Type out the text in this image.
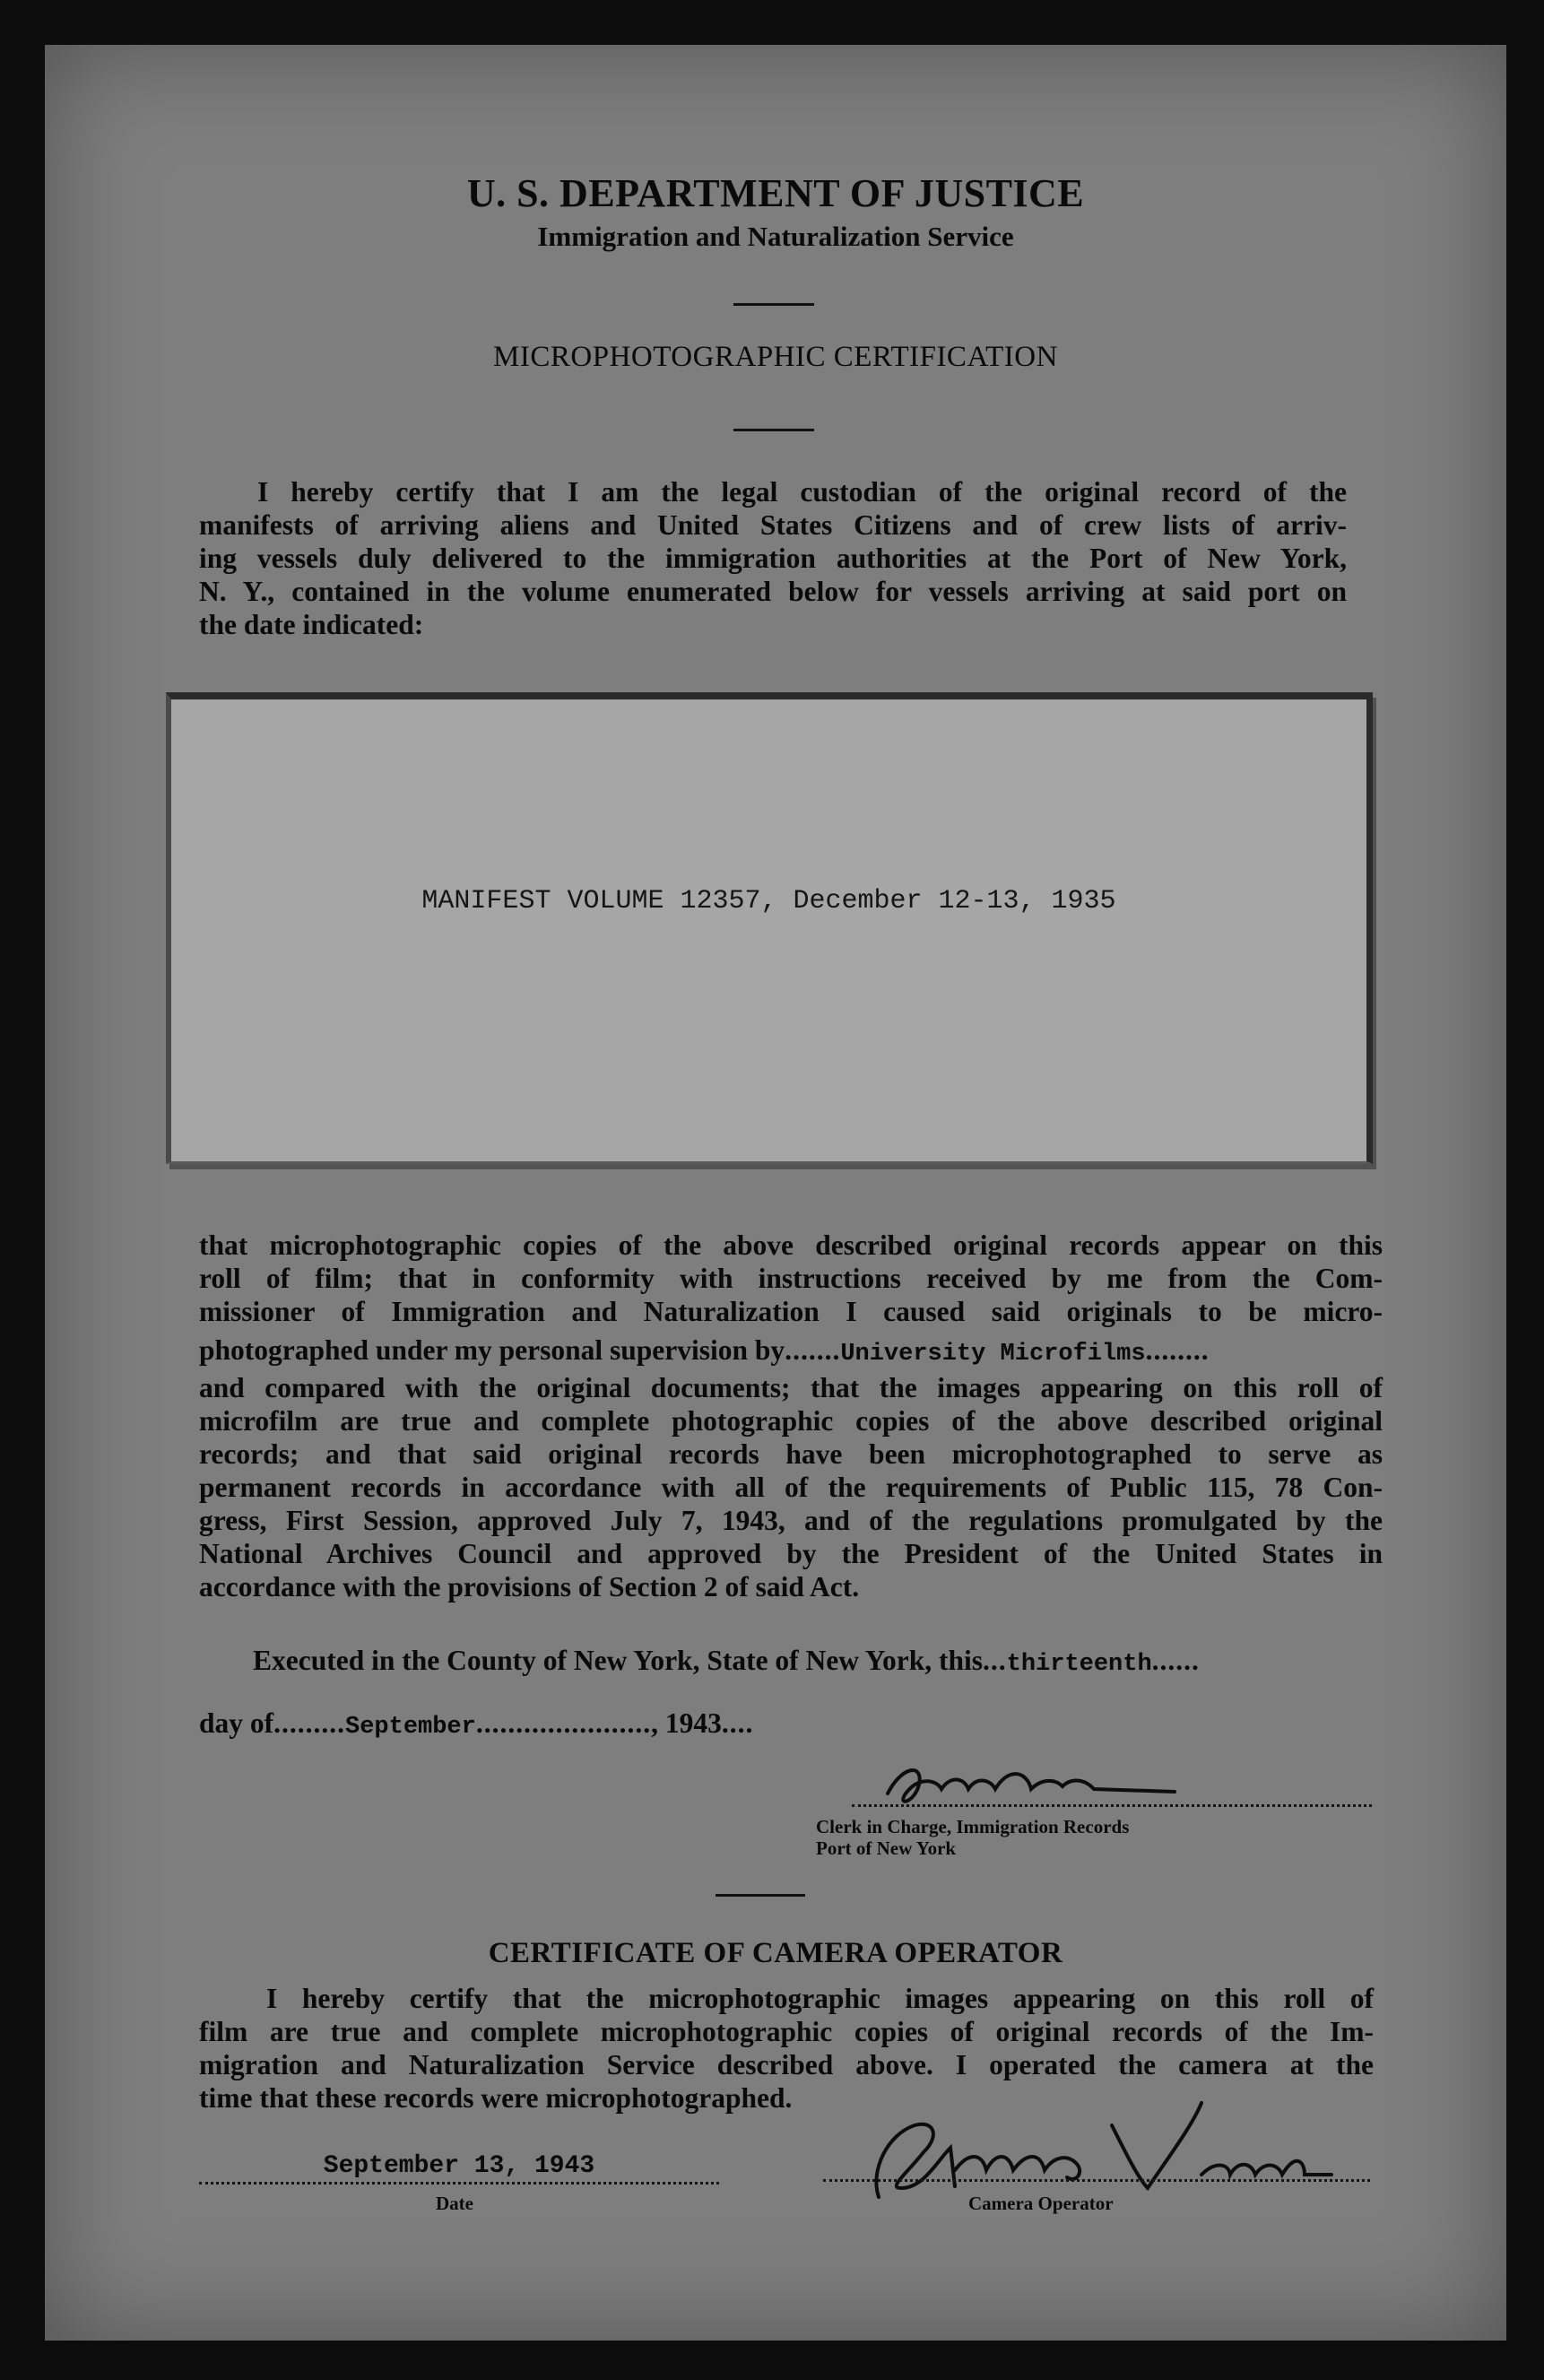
U. S. DEPARTMENT OF JUSTICE
Immigration and Naturalization Service
MICROPHOTOGRAPHIC CERTIFICATION
I hereby certify that I am the legal custodian of the original record of the
manifests of arriving aliens and United States Citizens and of crew lists of arriv-
ing vessels duly delivered to the immigration authorities at the Port of New York,
N. Y., contained in the volume enumerated below for vessels arriving at said port on
the date indicated:
MANIFEST VOLUME 12357, December 12-13, 1935
that microphotographic copies of the above described original records appear on this
roll of film; that in conformity with instructions received by me from the Com-
missioner of Immigration and Naturalization I caused said originals to be micro-
photographed under my personal supervision by.......University Microfilms........
and compared with the original documents; that the images appearing on this roll of
microfilm are true and complete photographic copies of the above described original
records; and that said original records have been microphotographed to serve as
permanent records in accordance with all of the requirements of Public 115, 78 Con-
gress, First Session, approved July 7, 1943, and of the regulations promulgated by the
National Archives Council and approved by the President of the United States in
accordance with the provisions of Section 2 of said Act.
Executed in the County of New York, State of New York, this...thirteenth......
day of.........September......................, 1943....
Clerk in Charge, Immigration Records
Port of New York
CERTIFICATE OF CAMERA OPERATOR
I hereby certify that the microphotographic images appearing on this roll of
film are true and complete microphotographic copies of original records of the Im-
migration and Naturalization Service described above. I operated the camera at the
time that these records were microphotographed.
September 13, 1943
Date	Camera Operator
